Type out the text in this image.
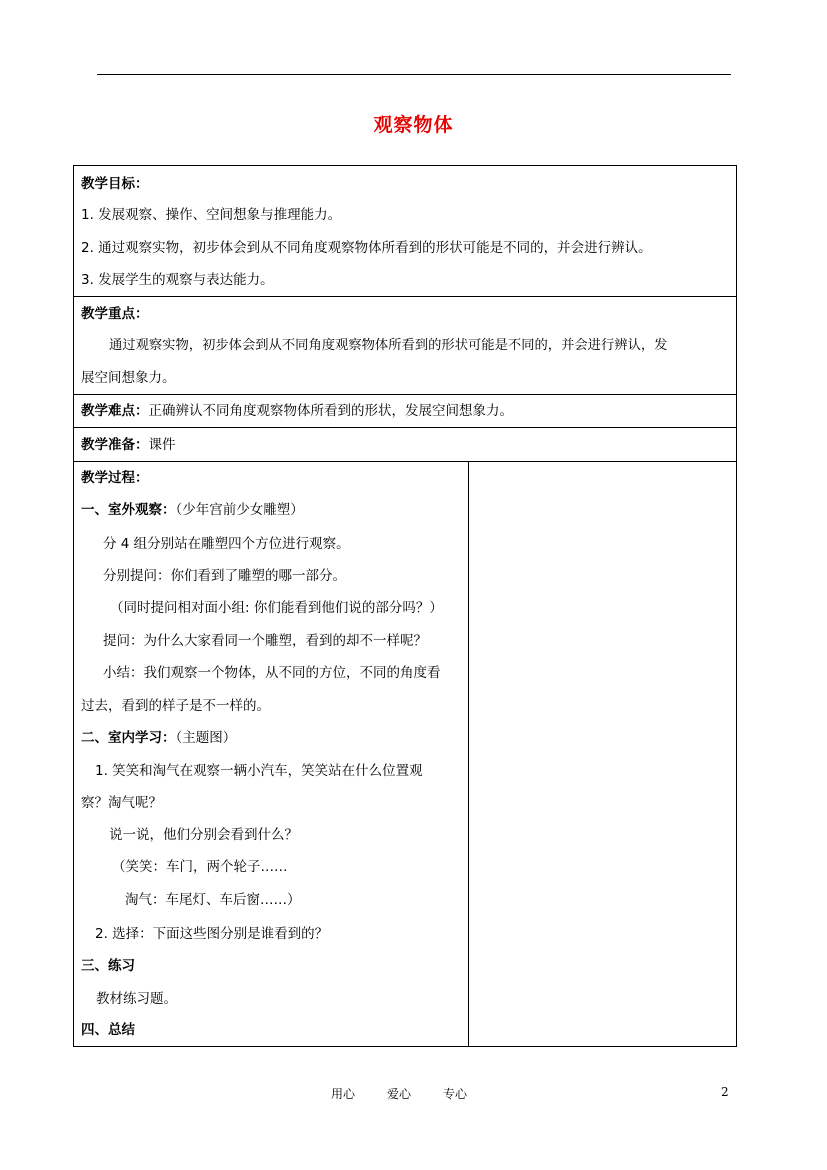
观察物体
教学目标：
1. 发展观察、操作、空间想象与推理能力。
2. 通过观察实物，初步体会到从不同角度观察物体所看到的形状可能是不同的，并会进行辨认。
3. 发展学生的观察与表达能力。
教学重点：
通过观察实物，初步体会到从不同角度观察物体所看到的形状可能是不同的，并会进行辨认，发
展空间想象力。
教学难点：正确辨认不同角度观察物体所看到的形状，发展空间想象力。
教学准备：课件
教学过程：
一、室外观察：（少年宫前少女雕塑）
分 4 组分别站在雕塑四个方位进行观察。
分别提问：你们看到了雕塑的哪一部分。
（同时提问相对面小组: 你们能看到他们说的部分吗？）
提问：为什么大家看同一个雕塑，看到的却不一样呢？
小结：我们观察一个物体，从不同的方位，不同的角度看
过去，看到的样子是不一样的。
二、室内学习：（主题图）
1. 笑笑和淘气在观察一辆小汽车，笑笑站在什么位置观
察？淘气呢？
说一说，他们分别会看到什么？
（笑笑：车门，两个轮子……
淘气：车尾灯、车后窗……）
2. 选择：下面这些图分别是谁看到的？
三、练习
教材练习题。
四、总结
用心	爱心	专心	2
